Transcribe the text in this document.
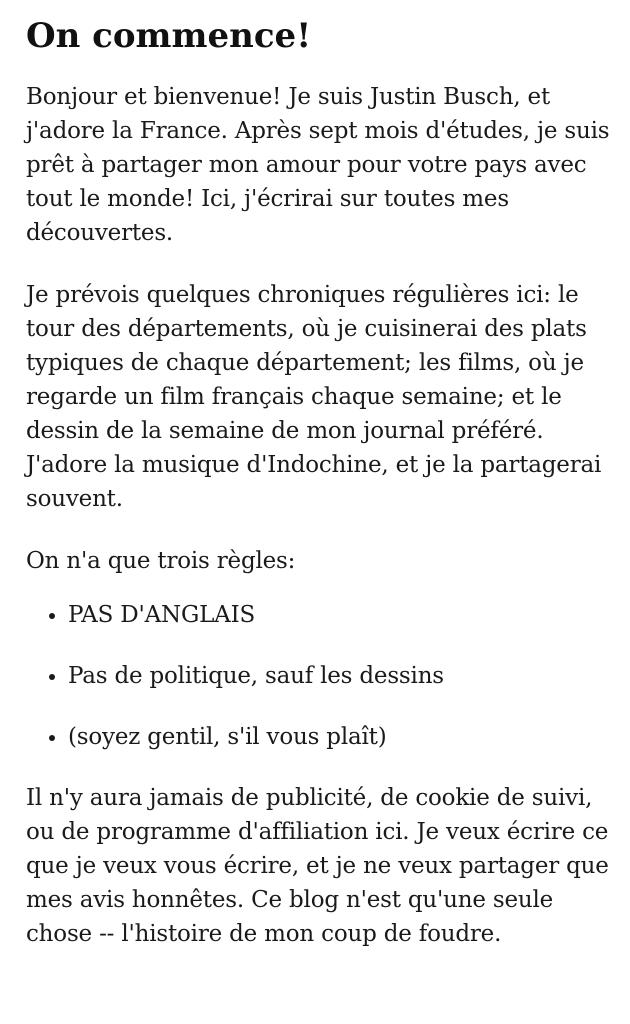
On commence!

Bonjour et bienvenue! Je suis Justin Busch, et j'adore la France. Après sept mois d'études, je suis prêt à partager mon amour pour votre pays avec tout le monde! Ici, j'écrirai sur toutes mes découvertes.

Je prévois quelques chroniques régulières ici: le tour des départements, où je cuisinerai des plats typiques de chaque département; les films, où je regarde un film français chaque semaine; et le dessin de la semaine de mon journal préféré. J'adore la musique d'Indochine, et je la partagerai souvent.

On n'a que trois règles:

• PAS D'ANGLAIS
• Pas de politique, sauf les dessins
• (soyez gentil, s'il vous plaît)

Il n'y aura jamais de publicité, de cookie de suivi, ou de programme d'affiliation ici. Je veux écrire ce que je veux vous écrire, et je ne veux partager que mes avis honnêtes. Ce blog n'est qu'une seule chose -- l'histoire de mon coup de foudre.
